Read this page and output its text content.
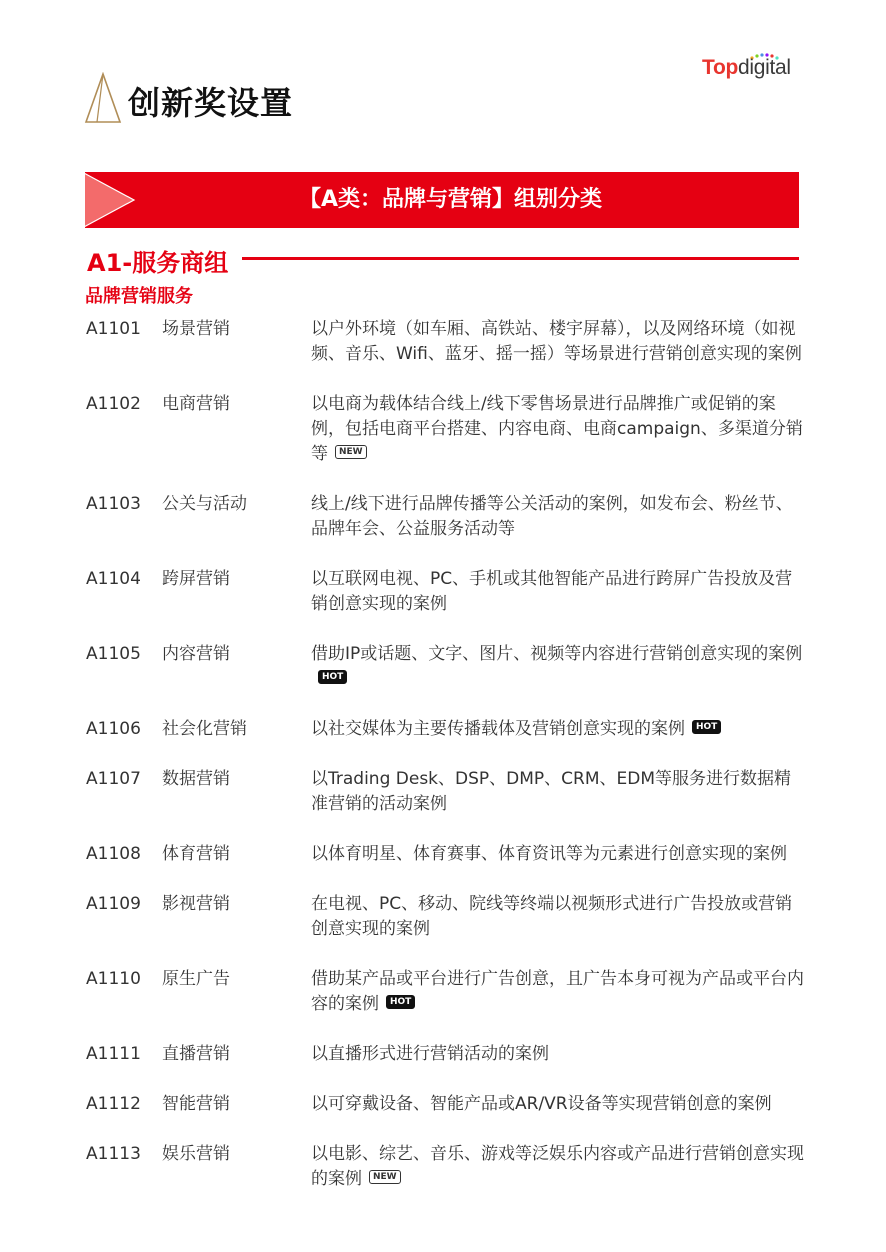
创新奖设置
Topdigital
【A类：品牌与营销】组别分类
A1-服务商组
品牌营销服务
A1101 场景营销	以户外环境（如车厢、高铁站、楼宇屏幕），以及网络环境（如视频、音乐、Wifi、蓝牙、摇一摇）等场景进行营销创意实现的案例
A1102 电商营销	以电商为载体结合线上/线下零售场景进行品牌推广或促销的案例，包括电商平台搭建、内容电商、电商campaign、多渠道分销等 NEW
A1103 公关与活动	线上/线下进行品牌传播等公关活动的案例，如发布会、粉丝节、品牌年会、公益服务活动等
A1104 跨屏营销	以互联网电视、PC、手机或其他智能产品进行跨屏广告投放及营销创意实现的案例
A1105 内容营销	借助IP或话题、文字、图片、视频等内容进行营销创意实现的案例HOT
A1106 社会化营销	以社交媒体为主要传播载体及营销创意实现的案例 HOT
A1107 数据营销	以Trading Desk、DSP、DMP、CRM、EDM等服务进行数据精准营销的活动案例
A1108 体育营销	以体育明星、体育赛事、体育资讯等为元素进行创意实现的案例
A1109 影视营销	在电视、PC、移动、院线等终端以视频形式进行广告投放或营销创意实现的案例
A1110 原生广告	借助某产品或平台进行广告创意，且广告本身可视为产品或平台内容的案例 HOT
A1111 直播营销	以直播形式进行营销活动的案例
A1112 智能营销	以可穿戴设备、智能产品或AR/VR设备等实现营销创意的案例
A1113 娱乐营销	以电影、综艺、音乐、游戏等泛娱乐内容或产品进行营销创意实现的案例 NEW
